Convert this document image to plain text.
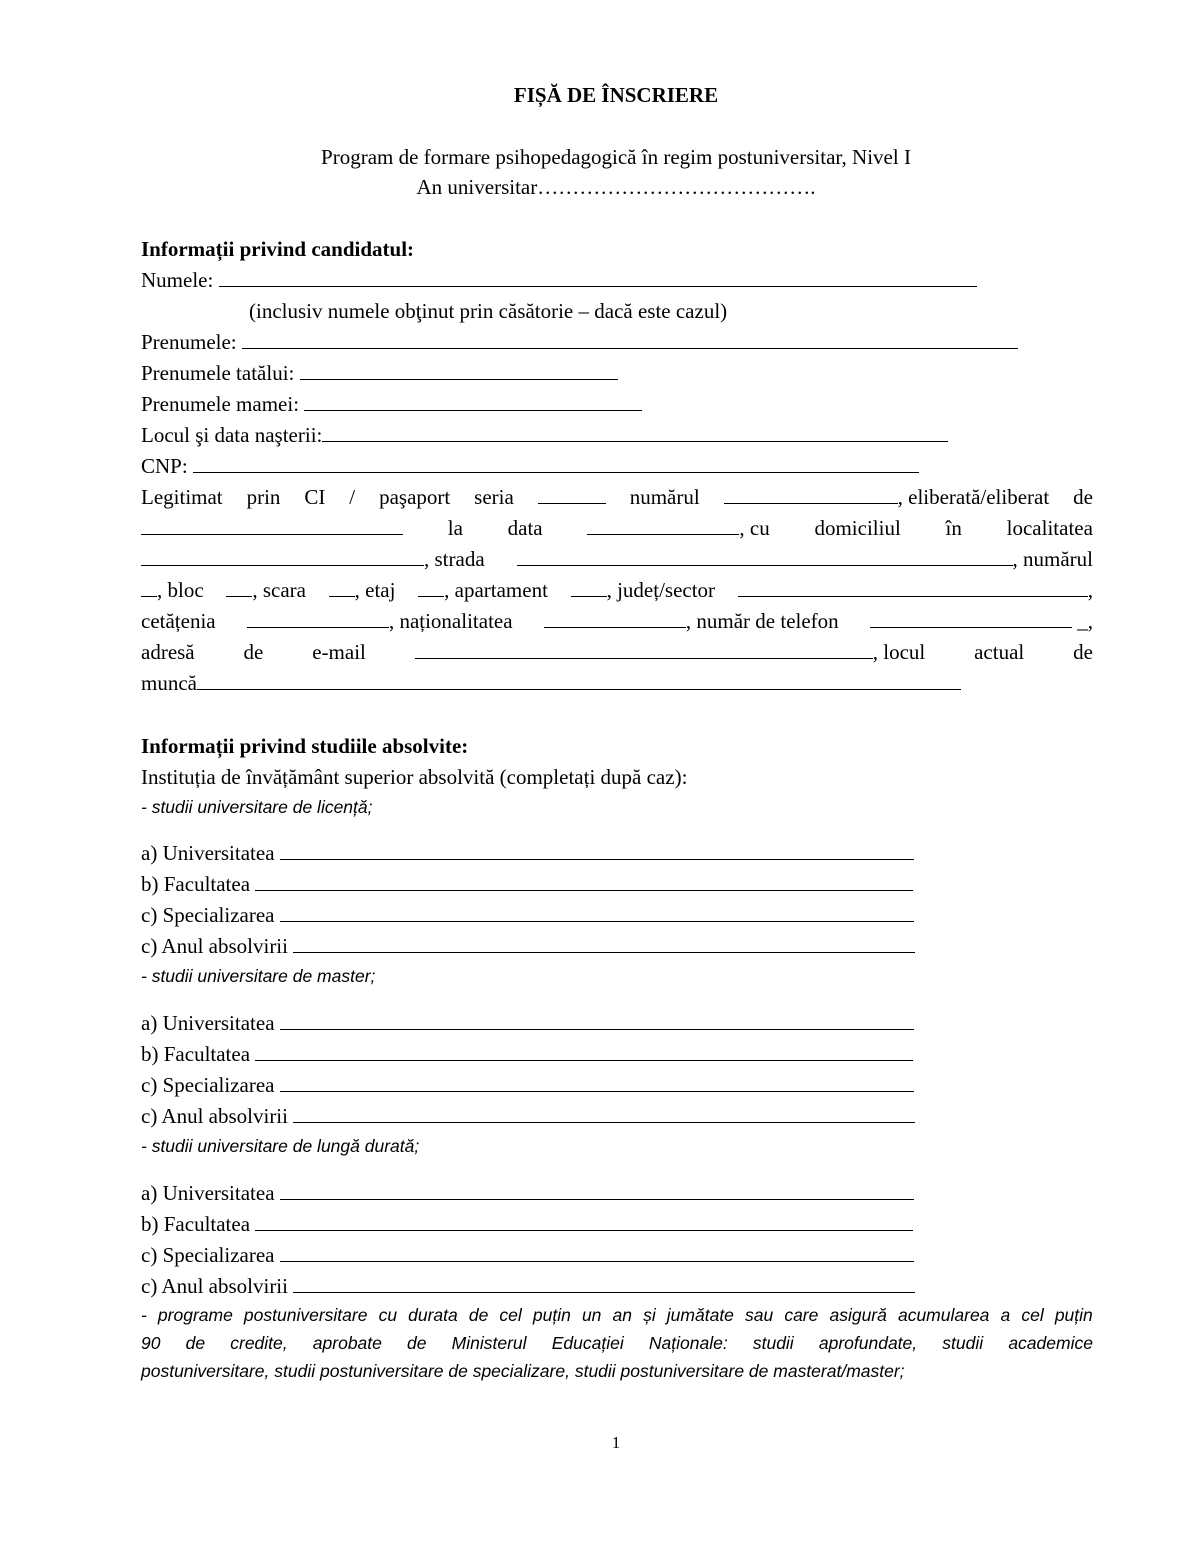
FIȘĂ DE ÎNSCRIERE
Program de formare psihopedagogică în regim postuniversitar, Nivel I
An universitar………………………………….
Informații privind candidatul:
Numele:
(inclusiv numele obţinut prin căsătorie – dacă este cazul)
Prenumele:
Prenumele tatălui:
Prenumele mamei:
Locul şi data naşterii:
CNP:
Legitimat prin CI / paşaport seria	numărul	, eliberată/eliberat de
la data	, cu domiciliul în localitatea
, strada	, numărul
, bloc	, scara	, etaj	, apartament	, județ/sector	,
cetățenia	, naționalitatea	, număr de telefon	_,
adresă de e-mail	, locul actual de
muncă
Informații privind studiile absolvite:
Instituția de învățământ superior absolvită (completați după caz):
- studii universitare de licență;
a) Universitatea
b) Facultatea
c) Specializarea
c) Anul absolvirii
- studii universitare de master;
a) Universitatea
b) Facultatea
c) Specializarea
c) Anul absolvirii
- studii universitare de lungă durată;
a) Universitatea
b) Facultatea
c) Specializarea
c) Anul absolvirii
- programe postuniversitare cu durata de cel puțin un an și jumătate sau care asigură acumularea a cel puțin
90 de credite, aprobate de Ministerul Educației Naționale: studii aprofundate, studii academice
postuniversitare, studii postuniversitare de specializare, studii postuniversitare de masterat/master;
1
